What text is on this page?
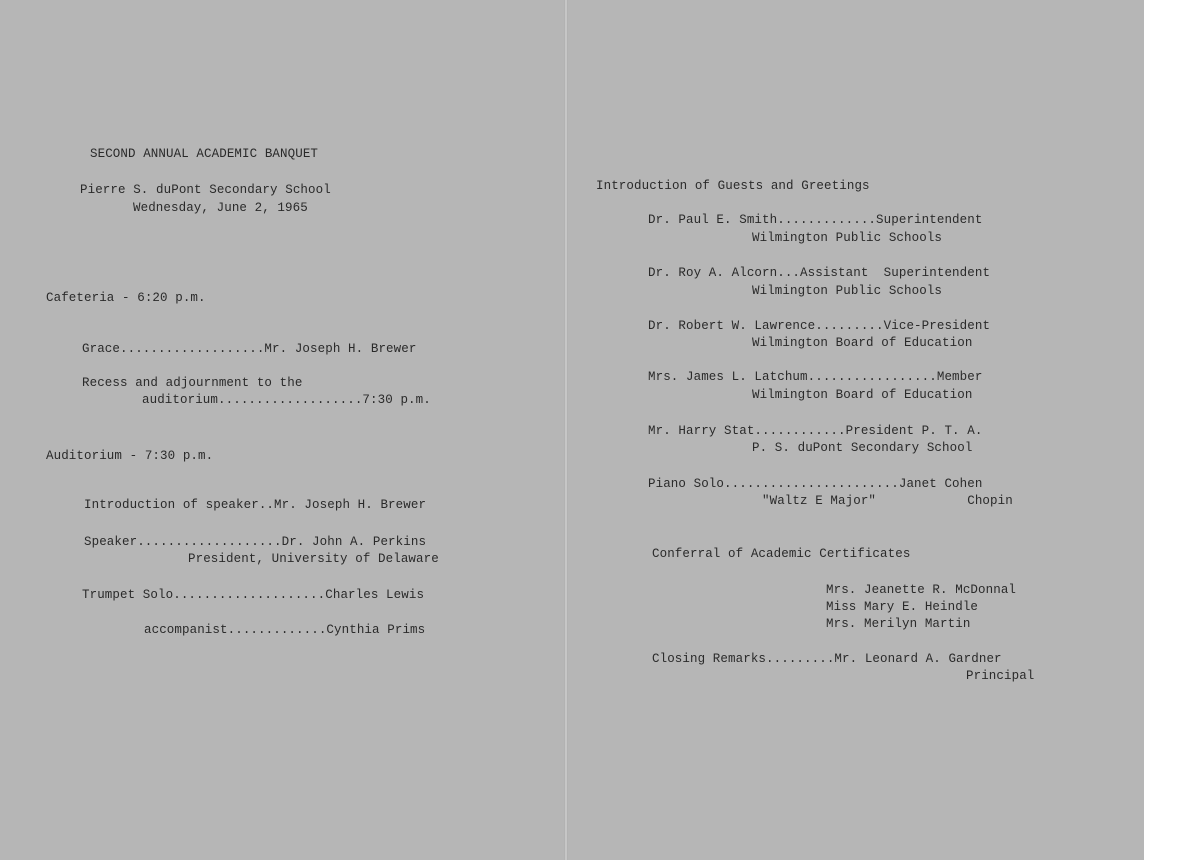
SECOND ANNUAL ACADEMIC BANQUET
Pierre S. duPont Secondary School
Wednesday, June 2, 1965
Cafeteria - 6:20 p.m.
Grace...................Mr. Joseph H. Brewer
Recess and adjournment to the
auditorium...................7:30 p.m.
Auditorium - 7:30 p.m.
Introduction of speaker..Mr. Joseph H. Brewer
Speaker...................Dr. John A. Perkins
President, University of Delaware
Trumpet Solo....................Charles Lewis
accompanist.............Cynthia Prims
Introduction of Guests and Greetings
Dr. Paul E. Smith.............Superintendent
Wilmington Public Schools
Dr. Roy A. Alcorn...Assistant  Superintendent
Wilmington Public Schools
Dr. Robert W. Lawrence.........Vice-President
Wilmington Board of Education
Mrs. James L. Latchum.................Member
Wilmington Board of Education
Mr. Harry Stat............President P. T. A.
P. S. duPont Secondary School
Piano Solo.......................Janet Cohen
"Waltz E Major"            Chopin
Conferral of Academic Certificates
Mrs. Jeanette R. McDonnal
Miss Mary E. Heindle
Mrs. Merilyn Martin
Closing Remarks.........Mr. Leonard A. Gardner
Principal
